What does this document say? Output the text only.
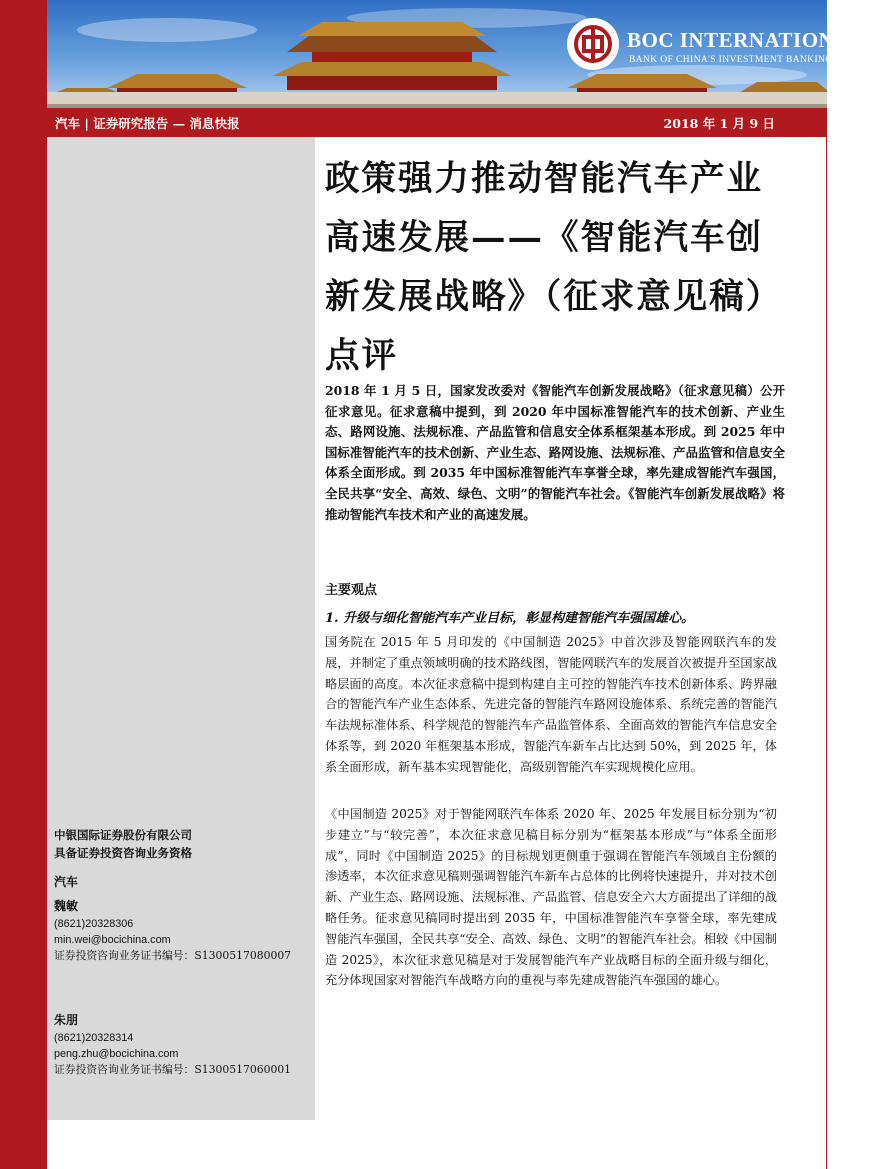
BOC INTERNATIONAL
BANK OF CHINA'S INVESTMENT BANKING GROUP
汽车 | 证券研究报告 — 消息快报	2018 年 1 月 9 日
政策强力推动智能汽车产业高速发展——《智能汽车创新发展战略》（征求意见稿）点评

2018 年 1 月 5 日，国家发改委对《智能汽车创新发展战略》（征求意见稿）公开征求意见。征求意稿中提到，到 2020 年中国标准智能汽车的技术创新、产业生态、路网设施、法规标准、产品监管和信息安全体系框架基本形成。到 2025 年中国标准智能汽车的技术创新、产业生态、路网设施、法规标准、产品监管和信息安全体系全面形成。到 2035 年中国标准智能汽车享誉全球，率先建成智能汽车强国，全民共享“安全、高效、绿色、文明”的智能汽车社会。《智能汽车创新发展战略》将推动智能汽车技术和产业的高速发展。

主要观点
1. 升级与细化智能汽车产业目标，彰显构建智能汽车强国雄心。

国务院在 2015 年 5 月印发的《中国制造 2025》中首次涉及智能网联汽车的发展，并制定了重点领域明确的技术路线图，智能网联汽车的发展首次被提升至国家战略层面的高度。本次征求意稿中提到构建自主可控的智能汽车技术创新体系、跨界融合的智能汽车产业生态体系、先进完备的智能汽车路网设施体系、系统完善的智能汽车法规标准体系、科学规范的智能汽车产品监管体系、全面高效的智能汽车信息安全体系等，到 2020 年框架基本形成，智能汽车新车占比达到 50%，到 2025 年，体系全面形成，新车基本实现智能化，高级别智能汽车实现规模化应用。

《中国制造 2025》对于智能网联汽车体系 2020 年、2025 年发展目标分别为“初步建立”与“较完善”，本次征求意见稿目标分别为“框架基本形成”与“体系全面形成”，同时《中国制造 2025》的目标规划更侧重于强调在智能汽车领域自主份额的渗透率，本次征求意见稿则强调智能汽车新车占总体的比例将快速提升，并对技术创新、产业生态、路网设施、法规标准、产品监管、信息安全六大方面提出了详细的战略任务。征求意见稿同时提出到 2035 年，中国标准智能汽车享誉全球，率先建成智能汽车强国，全民共享“安全、高效、绿色、文明”的智能汽车社会。相较《中国制造 2025》，本次征求意见稿是对于发展智能汽车产业战略目标的全面升级与细化，充分体现国家对智能汽车战略方向的重视与率先建成智能汽车强国的雄心。

中银国际证券股份有限公司
具备证券投资咨询业务资格
汽车
魏敏
(8621)20328306
min.wei@bocichina.com
证券投资咨询业务证书编号：S1300517080007
朱朋
(8621)20328314
peng.zhu@bocichina.com
证券投资咨询业务证书编号：S1300517060001
